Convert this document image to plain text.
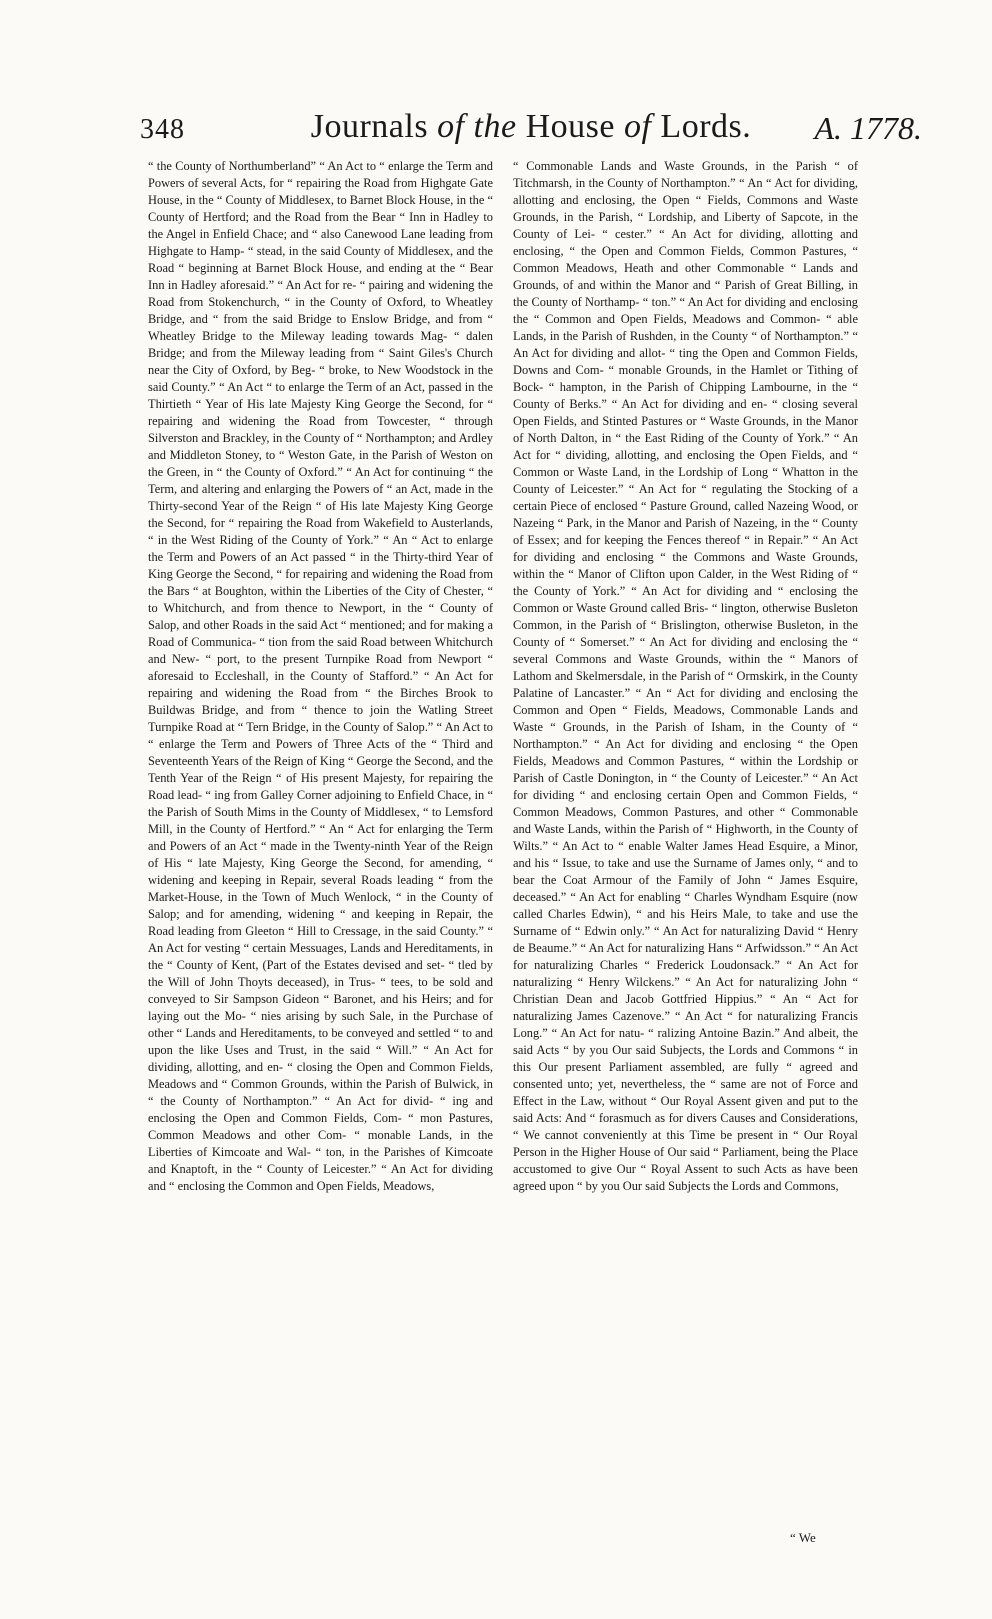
348	Journals of the House of Lords.	A. 1778.
“ the County of Northumberland” “ An Act to “ enlarge the Term and Powers of several Acts, for “ repairing the Road from Highgate Gate House, in the “ County of Middlesex, to Barnet Block House, in the “ County of Hertford; and the Road from the Bear “ Inn in Hadley to the Angel in Enfield Chace; and “ also Canewood Lane leading from Highgate to Hamp- “ stead, in the said County of Middlesex, and the Road “ beginning at Barnet Block House, and ending at the “ Bear Inn in Hadley aforesaid.” “ An Act for re- “ pairing and widening the Road from Stokenchurch, “ in the County of Oxford, to Wheatley Bridge, and “ from the said Bridge to Enslow Bridge, and from “ Wheatley Bridge to the Mileway leading towards Mag- “ dalen Bridge; and from the Mileway leading from “ Saint Giles's Church near the City of Oxford, by Beg- “ broke, to New Woodstock in the said County.” “ An Act “ to enlarge the Term of an Act, passed in the Thirtieth “ Year of His late Majesty King George the Second, for “ repairing and widening the Road from Towcester, “ through Silverston and Brackley, in the County of “ Northampton; and Ardley and Middleton Stoney, to “ Weston Gate, in the Parish of Weston on the Green, in “ the County of Oxford.” “ An Act for continuing “ the Term, and altering and enlarging the Powers of “ an Act, made in the Thirty-second Year of the Reign “ of His late Majesty King George the Second, for “ repairing the Road from Wakefield to Austerlands, “ in the West Riding of the County of York.” “ An “ Act to enlarge the Term and Powers of an Act passed “ in the Thirty-third Year of King George the Second, “ for repairing and widening the Road from the Bars “ at Boughton, within the Liberties of the City of Chester, “ to Whitchurch, and from thence to Newport, in the “ County of Salop, and other Roads in the said Act “ mentioned; and for making a Road of Communica- “ tion from the said Road between Whitchurch and New- “ port, to the present Turnpike Road from Newport “ aforesaid to Eccleshall, in the County of Stafford.” “ An Act for repairing and widening the Road from “ the Birches Brook to Buildwas Bridge, and from “ thence to join the Watling Street Turnpike Road at “ Tern Bridge, in the County of Salop.” “ An Act to “ enlarge the Term and Powers of Three Acts of the “ Third and Seventeenth Years of the Reign of King “ George the Second, and the Tenth Year of the Reign “ of His present Majesty, for repairing the Road lead- “ ing from Galley Corner adjoining to Enfield Chace, in “ the Parish of South Mims in the County of Middlesex, “ to Lemsford Mill, in the County of Hertford.” “ An “ Act for enlarging the Term and Powers of an Act “ made in the Twenty-ninth Year of the Reign of His “ late Majesty, King George the Second, for amending, “ widening and keeping in Repair, several Roads leading “ from the Market-House, in the Town of Much Wenlock, “ in the County of Salop; and for amending, widening “ and keeping in Repair, the Road leading from Gleeton “ Hill to Cressage, in the said County.” “ An Act for vesting “ certain Messuages, Lands and Hereditaments, in the “ County of Kent, (Part of the Estates devised and set- “ tled by the Will of John Thoyts deceased), in Trus- “ tees, to be sold and conveyed to Sir Sampson Gideon “ Baronet, and his Heirs; and for laying out the Mo- “ nies arising by such Sale, in the Purchase of other “ Lands and Hereditaments, to be conveyed and settled “ to and upon the like Uses and Trust, in the said “ Will.” “ An Act for dividing, allotting, and en- “ closing the Open and Common Fields, Meadows and “ Common Grounds, within the Parish of Bulwick, in “ the County of Northampton.” “ An Act for divid- “ ing and enclosing the Open and Common Fields, Com- “ mon Pastures, Common Meadows and other Com- “ monable Lands, in the Liberties of Kimcoate and Wal- “ ton, in the Parishes of Kimcoate and Knaptoft, in the “ County of Leicester.” “ An Act for dividing and “ enclosing the Common and Open Fields, Meadows,
“ Commonable Lands and Waste Grounds, in the Parish “ of Titchmarsh, in the County of Northampton.” “ An “ Act for dividing, allotting and enclosing, the Open “ Fields, Commons and Waste Grounds, in the Parish, “ Lordship, and Liberty of Sapcote, in the County of Lei- “ cester.” “ An Act for dividing, allotting and enclosing, “ the Open and Common Fields, Common Pastures, “ Common Meadows, Heath and other Commonable “ Lands and Grounds, of and within the Manor and “ Parish of Great Billing, in the County of Northamp- “ ton.” “ An Act for dividing and enclosing the “ Common and Open Fields, Meadows and Common- “ able Lands, in the Parish of Rushden, in the County “ of Northampton.” “ An Act for dividing and allot- “ ting the Open and Common Fields, Downs and Com- “ monable Grounds, in the Hamlet or Tithing of Bock- “ hampton, in the Parish of Chipping Lambourne, in the “ County of Berks.” “ An Act for dividing and en- “ closing several Open Fields, and Stinted Pastures or “ Waste Grounds, in the Manor of North Dalton, in “ the East Riding of the County of York.” “ An Act for “ dividing, allotting, and enclosing the Open Fields, and “ Common or Waste Land, in the Lordship of Long “ Whatton in the County of Leicester.” “ An Act for “ regulating the Stocking of a certain Piece of enclosed “ Pasture Ground, called Nazeing Wood, or Nazeing “ Park, in the Manor and Parish of Nazeing, in the “ County of Essex; and for keeping the Fences thereof “ in Repair.” “ An Act for dividing and enclosing “ the Commons and Waste Grounds, within the “ Manor of Clifton upon Calder, in the West Riding of “ the County of York.” “ An Act for dividing and “ enclosing the Common or Waste Ground called Bris- “ lington, otherwise Busleton Common, in the Parish of “ Brislington, otherwise Busleton, in the County of “ Somerset.” “ An Act for dividing and enclosing the “ several Commons and Waste Grounds, within the “ Manors of Lathom and Skelmersdale, in the Parish of “ Ormskirk, in the County Palatine of Lancaster.” “ An “ Act for dividing and enclosing the Common and Open “ Fields, Meadows, Commonable Lands and Waste “ Grounds, in the Parish of Isham, in the County of “ Northampton.” “ An Act for dividing and enclosing “ the Open Fields, Meadows and Common Pastures, “ within the Lordship or Parish of Castle Donington, in “ the County of Leicester.” “ An Act for dividing “ and enclosing certain Open and Common Fields, “ Common Meadows, Common Pastures, and other “ Commonable and Waste Lands, within the Parish of “ Highworth, in the County of Wilts.” “ An Act to “ enable Walter James Head Esquire, a Minor, and his “ Issue, to take and use the Surname of James only, “ and to bear the Coat Armour of the Family of John “ James Esquire, deceased.” “ An Act for enabling “ Charles Wyndham Esquire (now called Charles Edwin), “ and his Heirs Male, to take and use the Surname of “ Edwin only.” “ An Act for naturalizing David “ Henry de Beaume.” “ An Act for naturalizing Hans “ Arfwidsson.” “ An Act for naturalizing Charles “ Frederick Loudonsack.” “ An Act for naturalizing “ Henry Wilckens.” “ An Act for naturalizing John “ Christian Dean and Jacob Gottfried Hippius.” “ An “ Act for naturalizing James Cazenove.” “ An Act “ for naturalizing Francis Long.” “ An Act for natu- “ ralizing Antoine Bazin.” And albeit, the said Acts “ by you Our said Subjects, the Lords and Commons “ in this Our present Parliament assembled, are fully “ agreed and consented unto; yet, nevertheless, the “ same are not of Force and Effect in the Law, without “ Our Royal Assent given and put to the said Acts: And “ forasmuch as for divers Causes and Considerations, “ We cannot conveniently at this Time be present in “ Our Royal Person in the Higher House of Our said “ Parliament, being the Place accustomed to give Our “ Royal Assent to such Acts as have been agreed upon “ by you Our said Subjects the Lords and Commons,
“ We
